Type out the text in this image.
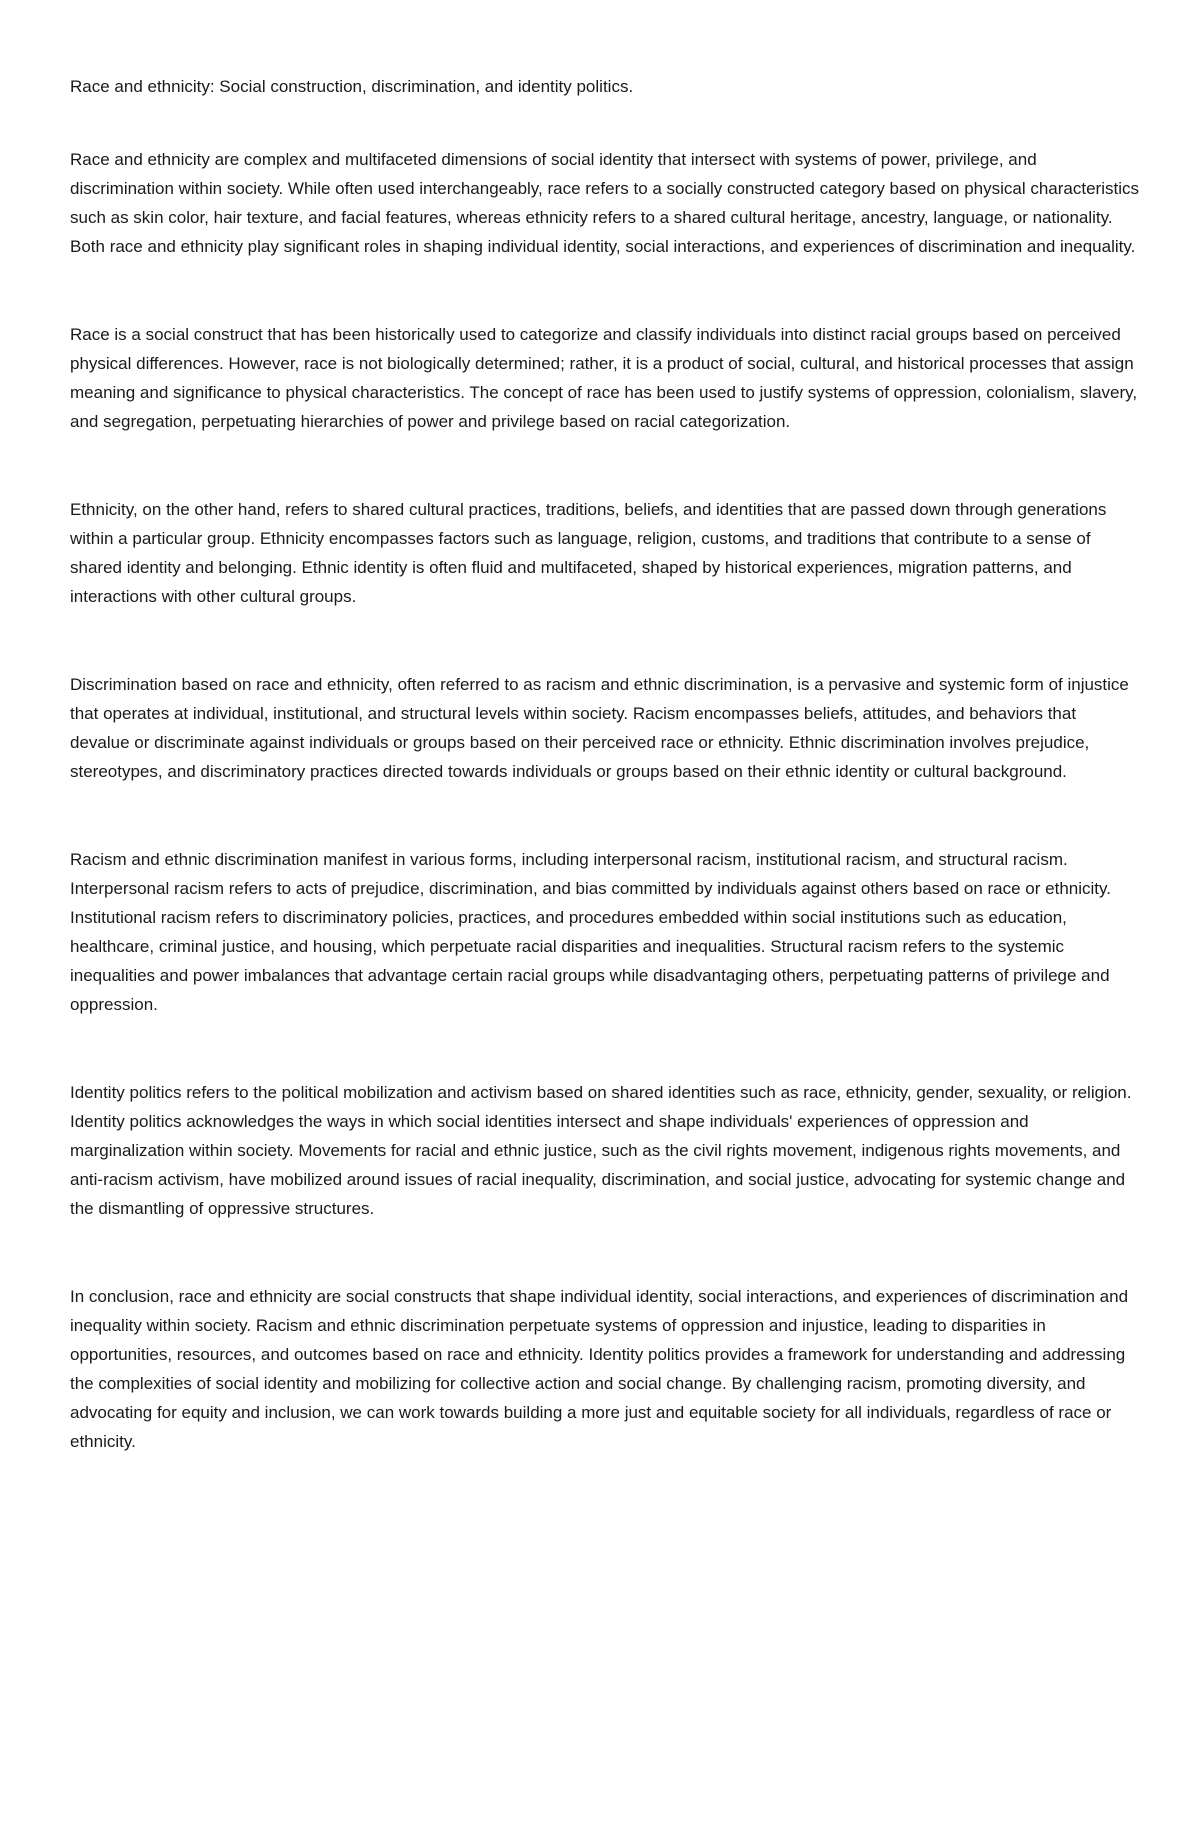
Race and ethnicity: Social construction, discrimination, and identity politics.

Race and ethnicity are complex and multifaceted dimensions of social identity that intersect with systems of power, privilege, and discrimination within society. While often used interchangeably, race refers to a socially constructed category based on physical characteristics such as skin color, hair texture, and facial features, whereas ethnicity refers to a shared cultural heritage, ancestry, language, or nationality. Both race and ethnicity play significant roles in shaping individual identity, social interactions, and experiences of discrimination and inequality.

Race is a social construct that has been historically used to categorize and classify individuals into distinct racial groups based on perceived physical differences. However, race is not biologically determined; rather, it is a product of social, cultural, and historical processes that assign meaning and significance to physical characteristics. The concept of race has been used to justify systems of oppression, colonialism, slavery, and segregation, perpetuating hierarchies of power and privilege based on racial categorization.

Ethnicity, on the other hand, refers to shared cultural practices, traditions, beliefs, and identities that are passed down through generations within a particular group. Ethnicity encompasses factors such as language, religion, customs, and traditions that contribute to a sense of shared identity and belonging. Ethnic identity is often fluid and multifaceted, shaped by historical experiences, migration patterns, and interactions with other cultural groups.

Discrimination based on race and ethnicity, often referred to as racism and ethnic discrimination, is a pervasive and systemic form of injustice that operates at individual, institutional, and structural levels within society. Racism encompasses beliefs, attitudes, and behaviors that devalue or discriminate against individuals or groups based on their perceived race or ethnicity. Ethnic discrimination involves prejudice, stereotypes, and discriminatory practices directed towards individuals or groups based on their ethnic identity or cultural background.

Racism and ethnic discrimination manifest in various forms, including interpersonal racism, institutional racism, and structural racism. Interpersonal racism refers to acts of prejudice, discrimination, and bias committed by individuals against others based on race or ethnicity. Institutional racism refers to discriminatory policies, practices, and procedures embedded within social institutions such as education, healthcare, criminal justice, and housing, which perpetuate racial disparities and inequalities. Structural racism refers to the systemic inequalities and power imbalances that advantage certain racial groups while disadvantaging others, perpetuating patterns of privilege and oppression.

Identity politics refers to the political mobilization and activism based on shared identities such as race, ethnicity, gender, sexuality, or religion. Identity politics acknowledges the ways in which social identities intersect and shape individuals' experiences of oppression and marginalization within society. Movements for racial and ethnic justice, such as the civil rights movement, indigenous rights movements, and anti-racism activism, have mobilized around issues of racial inequality, discrimination, and social justice, advocating for systemic change and the dismantling of oppressive structures.

In conclusion, race and ethnicity are social constructs that shape individual identity, social interactions, and experiences of discrimination and inequality within society. Racism and ethnic discrimination perpetuate systems of oppression and injustice, leading to disparities in opportunities, resources, and outcomes based on race and ethnicity. Identity politics provides a framework for understanding and addressing the complexities of social identity and mobilizing for collective action and social change. By challenging racism, promoting diversity, and advocating for equity and inclusion, we can work towards building a more just and equitable society for all individuals, regardless of race or ethnicity.
